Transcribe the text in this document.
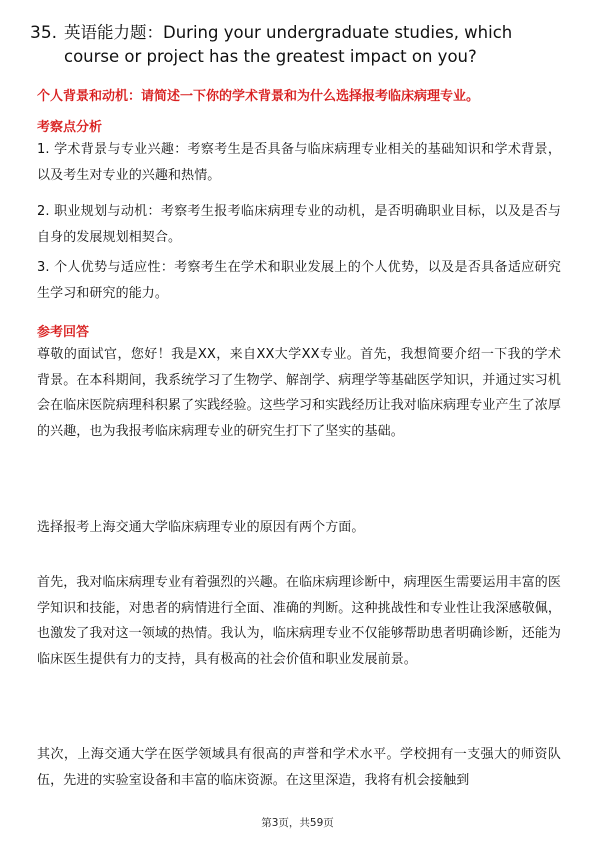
35. 英语能力题：During your undergraduate studies, which course or project has the greatest impact on you?
个人背景和动机：请简述一下你的学术背景和为什么选择报考临床病理专业。
考察点分析
1. 学术背景与专业兴趣：考察考生是否具备与临床病理专业相关的基础知识和学术背景，以及考生对专业的兴趣和热情。
2. 职业规划与动机：考察考生报考临床病理专业的动机，是否明确职业目标，以及是否与自身的发展规划相契合。
3. 个人优势与适应性：考察考生在学术和职业发展上的个人优势，以及是否具备适应研究生学习和研究的能力。
参考回答
尊敬的面试官，您好！我是XX，来自XX大学XX专业。首先，我想简要介绍一下我的学术背景。在本科期间，我系统学习了生物学、解剖学、病理学等基础医学知识，并通过实习机会在临床医院病理科积累了实践经验。这些学习和实践经历让我对临床病理专业产生了浓厚的兴趣，也为我报考临床病理专业的研究生打下了坚实的基础。
选择报考上海交通大学临床病理专业的原因有两个方面。
首先，我对临床病理专业有着强烈的兴趣。在临床病理诊断中，病理医生需要运用丰富的医学知识和技能，对患者的病情进行全面、准确的判断。这种挑战性和专业性让我深感敬佩，也激发了我对这一领域的热情。我认为，临床病理专业不仅能够帮助患者明确诊断，还能为临床医生提供有力的支持，具有极高的社会价值和职业发展前景。
其次，上海交通大学在医学领域具有很高的声誉和学术水平。学校拥有一支强大的师资队伍，先进的实验室设备和丰富的临床资源。在这里深造，我将有机会接触到
第3页，共59页
